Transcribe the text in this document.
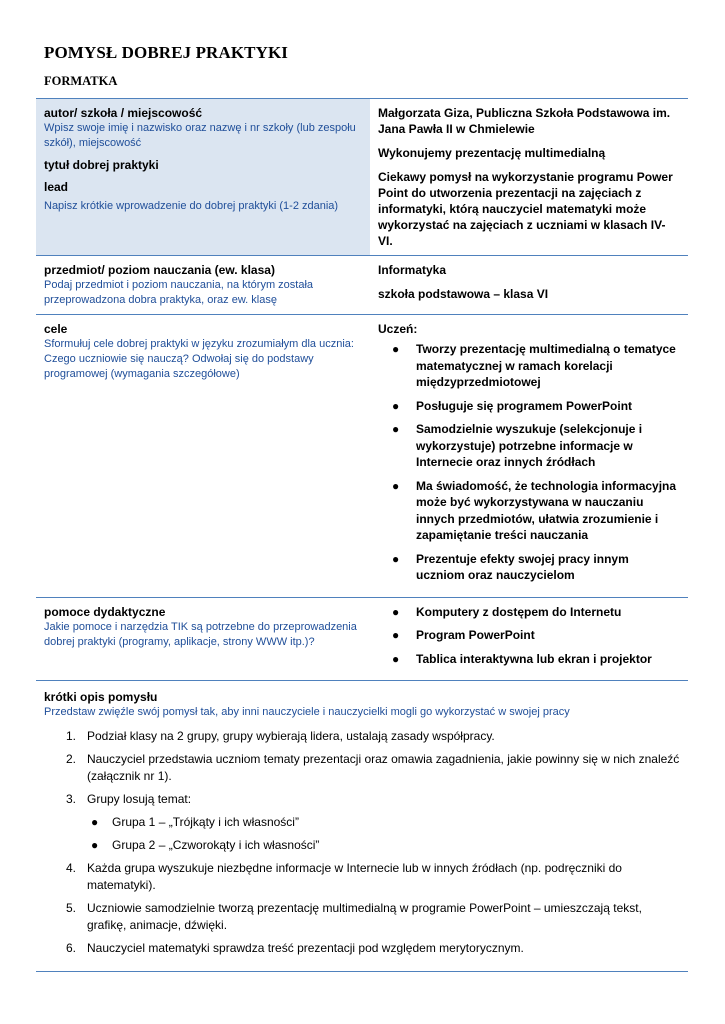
POMYSŁ DOBREJ PRAKTYKI
FORMATKA
autor/ szkoła / miejscowość
Wpisz swoje imię i nazwisko oraz nazwę i nr szkoły (lub zespołu szkół), miejscowość
tytuł dobrej praktyki
lead
Napisz krótkie wprowadzenie do dobrej praktyki (1-2 zdania)
Małgorzata Giza, Publiczna Szkoła Podstawowa im. Jana Pawła II w Chmielewie
Wykonujemy prezentację multimedialną
Ciekawy pomysł na wykorzystanie programu Power Point do utworzenia prezentacji na zajęciach z informatyki, którą nauczyciel matematyki może wykorzystać na zajęciach z uczniami w klasach IV-VI.
przedmiot/ poziom nauczania (ew. klasa)
Podaj przedmiot i poziom nauczania, na którym została przeprowadzona dobra praktyka, oraz ew. klasę
Informatyka
szkoła podstawowa – klasa VI
cele
Sformułuj cele dobrej praktyki w języku zrozumiałym dla ucznia: Czego uczniowie się nauczą? Odwołaj się do podstawy programowej (wymagania szczegółowe)
Uczeń:
● Tworzy prezentację multimedialną o tematyce matematycznej w ramach korelacji międzyprzedmiotowej
● Posługuje się programem PowerPoint
● Samodzielnie wyszukuje (selekcjonuje i wykorzystuje) potrzebne informacje w Internecie oraz innych źródłach
● Ma świadomość, że technologia informacyjna może być wykorzystywana w nauczaniu innych przedmiotów, ułatwia zrozumienie i zapamiętanie treści nauczania
● Prezentuje efekty swojej pracy innym uczniom oraz nauczycielom
pomoce dydaktyczne
Jakie pomoce i narzędzia TIK są potrzebne do przeprowadzenia dobrej praktyki (programy, aplikacje, strony WWW itp.)?
● Komputery z dostępem do Internetu
● Program PowerPoint
● Tablica interaktywna lub ekran i projektor
krótki opis pomysłu
Przedstaw zwięźle swój pomysł tak, aby inni nauczyciele i nauczycielki mogli go wykorzystać w swojej pracy
1. Podział klasy na 2 grupy, grupy wybierają lidera, ustalają zasady współpracy.
2. Nauczyciel przedstawia uczniom tematy prezentacji oraz omawia zagadnienia, jakie powinny się w nich znaleźć (załącznik nr 1).
3. Grupy losują temat:
● Grupa 1 – „Trójkąty i ich własności”
● Grupa 2 – „Czworokąty i ich własności”
4. Każda grupa wyszukuje niezbędne informacje w Internecie lub w innych źródłach (np. podręczniki do matematyki).
5. Uczniowie samodzielnie tworzą prezentację multimedialną w programie PowerPoint – umieszczają tekst, grafikę, animacje, dźwięki.
6. Nauczyciel matematyki sprawdza treść prezentacji pod względem merytorycznym.
